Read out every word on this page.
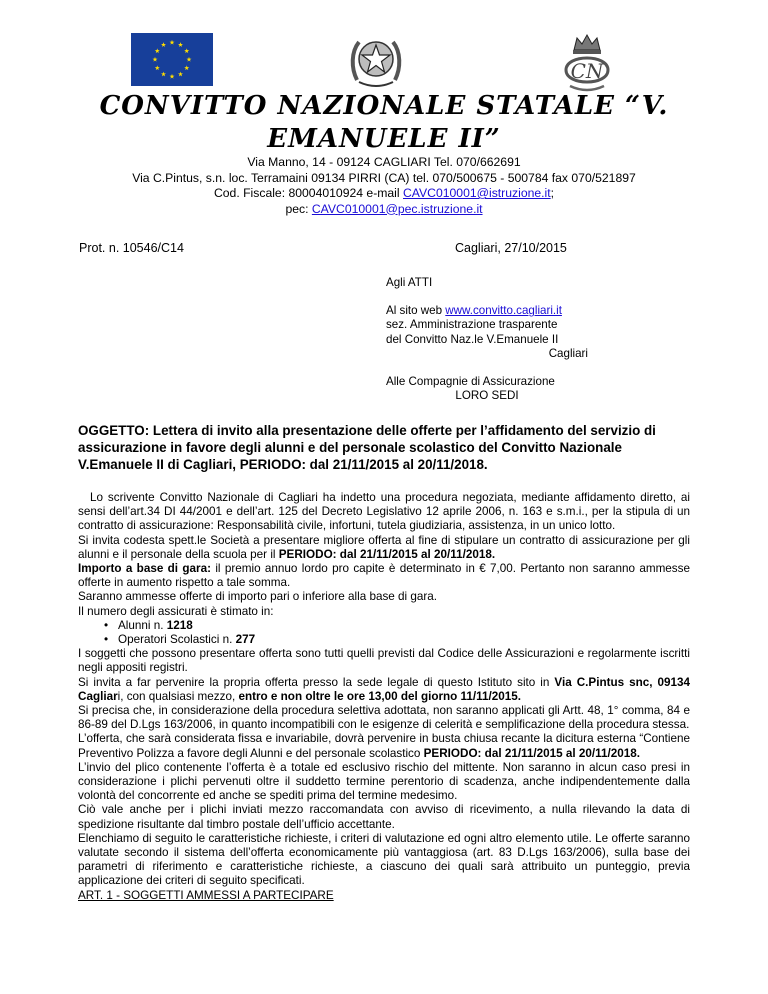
CN
CONVITTO NAZIONALE STATALE “V.
EMANUELE II”
Via Manno, 14 - 09124 CAGLIARI Tel. 070/662691
Via C.Pintus, s.n. loc. Terramaini 09134 PIRRI (CA) tel. 070/500675 - 500784 fax 070/521897
Cod. Fiscale: 80004010924 e-mail CAVC010001@istruzione.it;
pec: CAVC010001@pec.istruzione.it
Prot. n. 10546/C14	Cagliari, 27/10/2015
Agli ATTI
Al sito web www.convitto.cagliari.it
sez. Amministrazione trasparente
del Convitto Naz.le V.Emanuele II
Cagliari
Alle Compagnie di Assicurazione
LORO SEDI
OGGETTO: Lettera di invito alla presentazione delle offerte per l’affidamento del servizio di assicurazione in favore degli alunni e del personale scolastico del Convitto Nazionale V.Emanuele II di Cagliari, PERIODO: dal 21/11/2015 al 20/11/2018.

Lo scrivente Convitto Nazionale di Cagliari ha indetto una procedura negoziata, mediante affidamento diretto, ai sensi dell’art.34 DI 44/2001 e dell’art. 125 del Decreto Legislativo 12 aprile 2006, n. 163 e s.m.i., per la stipula di un contratto di assicurazione: Responsabilità civile, infortuni, tutela giudiziaria, assistenza, in un unico lotto.

Si invita codesta spett.le Società a presentare migliore offerta al fine di stipulare un contratto di assicurazione per gli alunni e il personale della scuola per il PERIODO: dal 21/11/2015 al 20/11/2018.

Importo a base di gara: il premio annuo lordo pro capite è determinato in € 7,00. Pertanto non saranno ammesse offerte in aumento rispetto a tale somma.

Saranno ammesse offerte di importo pari o inferiore alla base di gara.

Il numero degli assicurati è stimato in:

• Alunni n. 1218
• Operatori Scolastici n. 277

I soggetti che possono presentare offerta sono tutti quelli previsti dal Codice delle Assicurazioni e regolarmente iscritti negli appositi registri.

Si invita a far pervenire la propria offerta presso la sede legale di questo Istituto sito in Via C.Pintus snc, 09134 Cagliari, con qualsiasi mezzo, entro e non oltre le ore 13,00 del giorno 11/11/2015.

Si precisa che, in considerazione della procedura selettiva adottata, non saranno applicati gli Artt. 48, 1° comma, 84 e 86-89 del D.Lgs 163/2006, in quanto incompatibili con le esigenze di celerità e semplificazione della procedura stessa.

L’offerta, che sarà considerata fissa e invariabile, dovrà pervenire in busta chiusa recante la dicitura esterna “Contiene Preventivo Polizza a favore degli Alunni e del personale scolastico PERIODO: dal 21/11/2015 al 20/11/2018.

L’invio del plico contenente l’offerta è a totale ed esclusivo rischio del mittente. Non saranno in alcun caso presi in considerazione i plichi pervenuti oltre il suddetto termine perentorio di scadenza, anche indipendentemente dalla volontà del concorrente ed anche se spediti prima del termine medesimo.

Ciò vale anche per i plichi inviati mezzo raccomandata con avviso di ricevimento, a nulla rilevando la data di spedizione risultante dal timbro postale dell’ufficio accettante.

Elenchiamo di seguito le caratteristiche richieste, i criteri di valutazione ed ogni altro elemento utile. Le offerte saranno valutate secondo il sistema dell’offerta economicamente più vantaggiosa (art. 83 D.Lgs 163/2006), sulla base dei parametri di riferimento e caratteristiche richieste, a ciascuno dei quali sarà attribuito un punteggio, previa applicazione dei criteri di seguito specificati.

ART. 1 - SOGGETTI AMMESSI A PARTECIPARE
